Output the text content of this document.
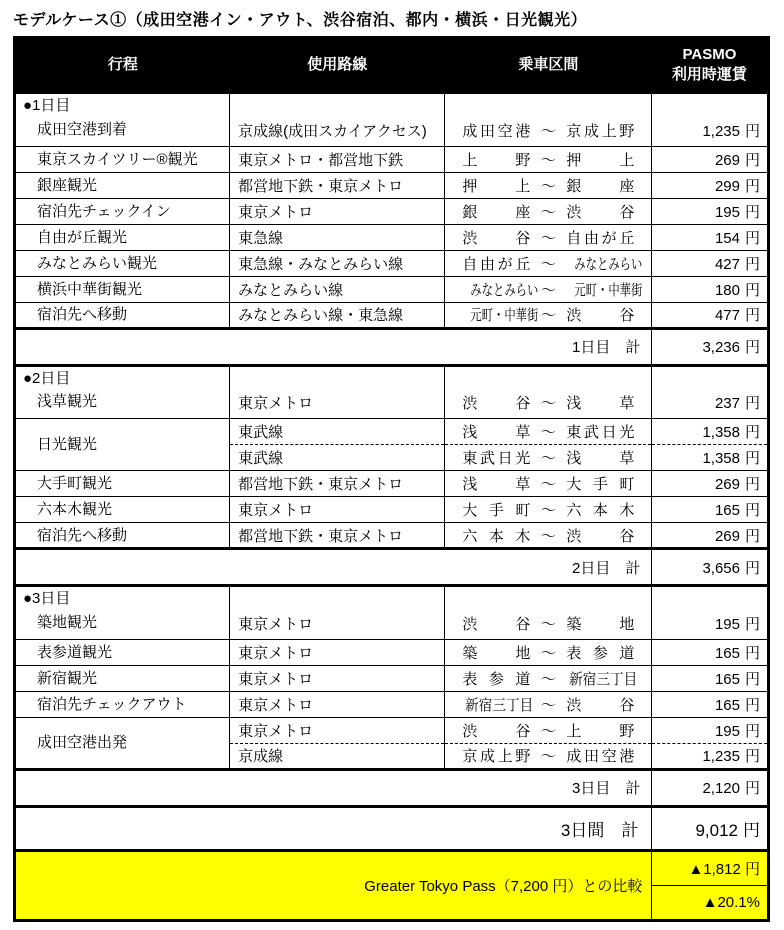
モデルケース①（成田空港イン・アウト、渋谷宿泊、都内・横浜・日光観光）
行程	使用路線	乗車区間	PASMO
利用時運賃

●1日目
成田空港到着	京成線(成田スカイアクセス)	成田空港 ～ 京成上野	1,235 円

東京スカイツリー®観光	東京メトロ・都営地下鉄	上野 ～ 押上	269 円

銀座観光	都営地下鉄・東京メトロ	押上 ～ 銀座	299 円

宿泊先チェックイン	東京メトロ	銀座 ～ 渋谷	195 円

自由が丘観光	東急線	渋谷 ～ 自由が丘	154 円

みなとみらい観光	東急線・みなとみらい線	自由が丘 ～ みなとみらい	427 円

横浜中華街観光	みなとみらい線	みなとみらい ～ 元町・中華街	180 円

宿泊先へ移動	みなとみらい線・東急線	元町・中華街 ～ 渋谷	477 円
1日目　計			3,236 円

●2日目
浅草観光	東京メトロ	渋谷 ～ 浅草	237 円
日光観光	東武線	浅草 ～ 東武日光	1,358 円
	東武線	東武日光 ～ 浅草	1,358 円

大手町観光	都営地下鉄・東京メトロ	浅草 ～ 大手町	269 円

六本木観光	東京メトロ	大手町 ～ 六本木	165 円

宿泊先へ移動	都営地下鉄・東京メトロ	六本木 ～ 渋谷	269 円
2日目　計			3,656 円

●3日目
築地観光	東京メトロ	渋谷 ～ 築地	195 円

表参道観光	東京メトロ	築地 ～ 表参道	165 円

新宿観光	東京メトロ	表参道 ～ 新宿三丁目	165 円

宿泊先チェックアウト	東京メトロ	新宿三丁目 ～ 渋谷	165 円
成田空港出発	東京メトロ	渋谷 ～ 上野	195 円
	京成線	京成上野 ～ 成田空港	1,235 円
3日目　計			2,120 円
3日間　計			9,012 円
Greater Tokyo Pass（7,200 円）との比較			▲1,812 円
			▲20.1%
